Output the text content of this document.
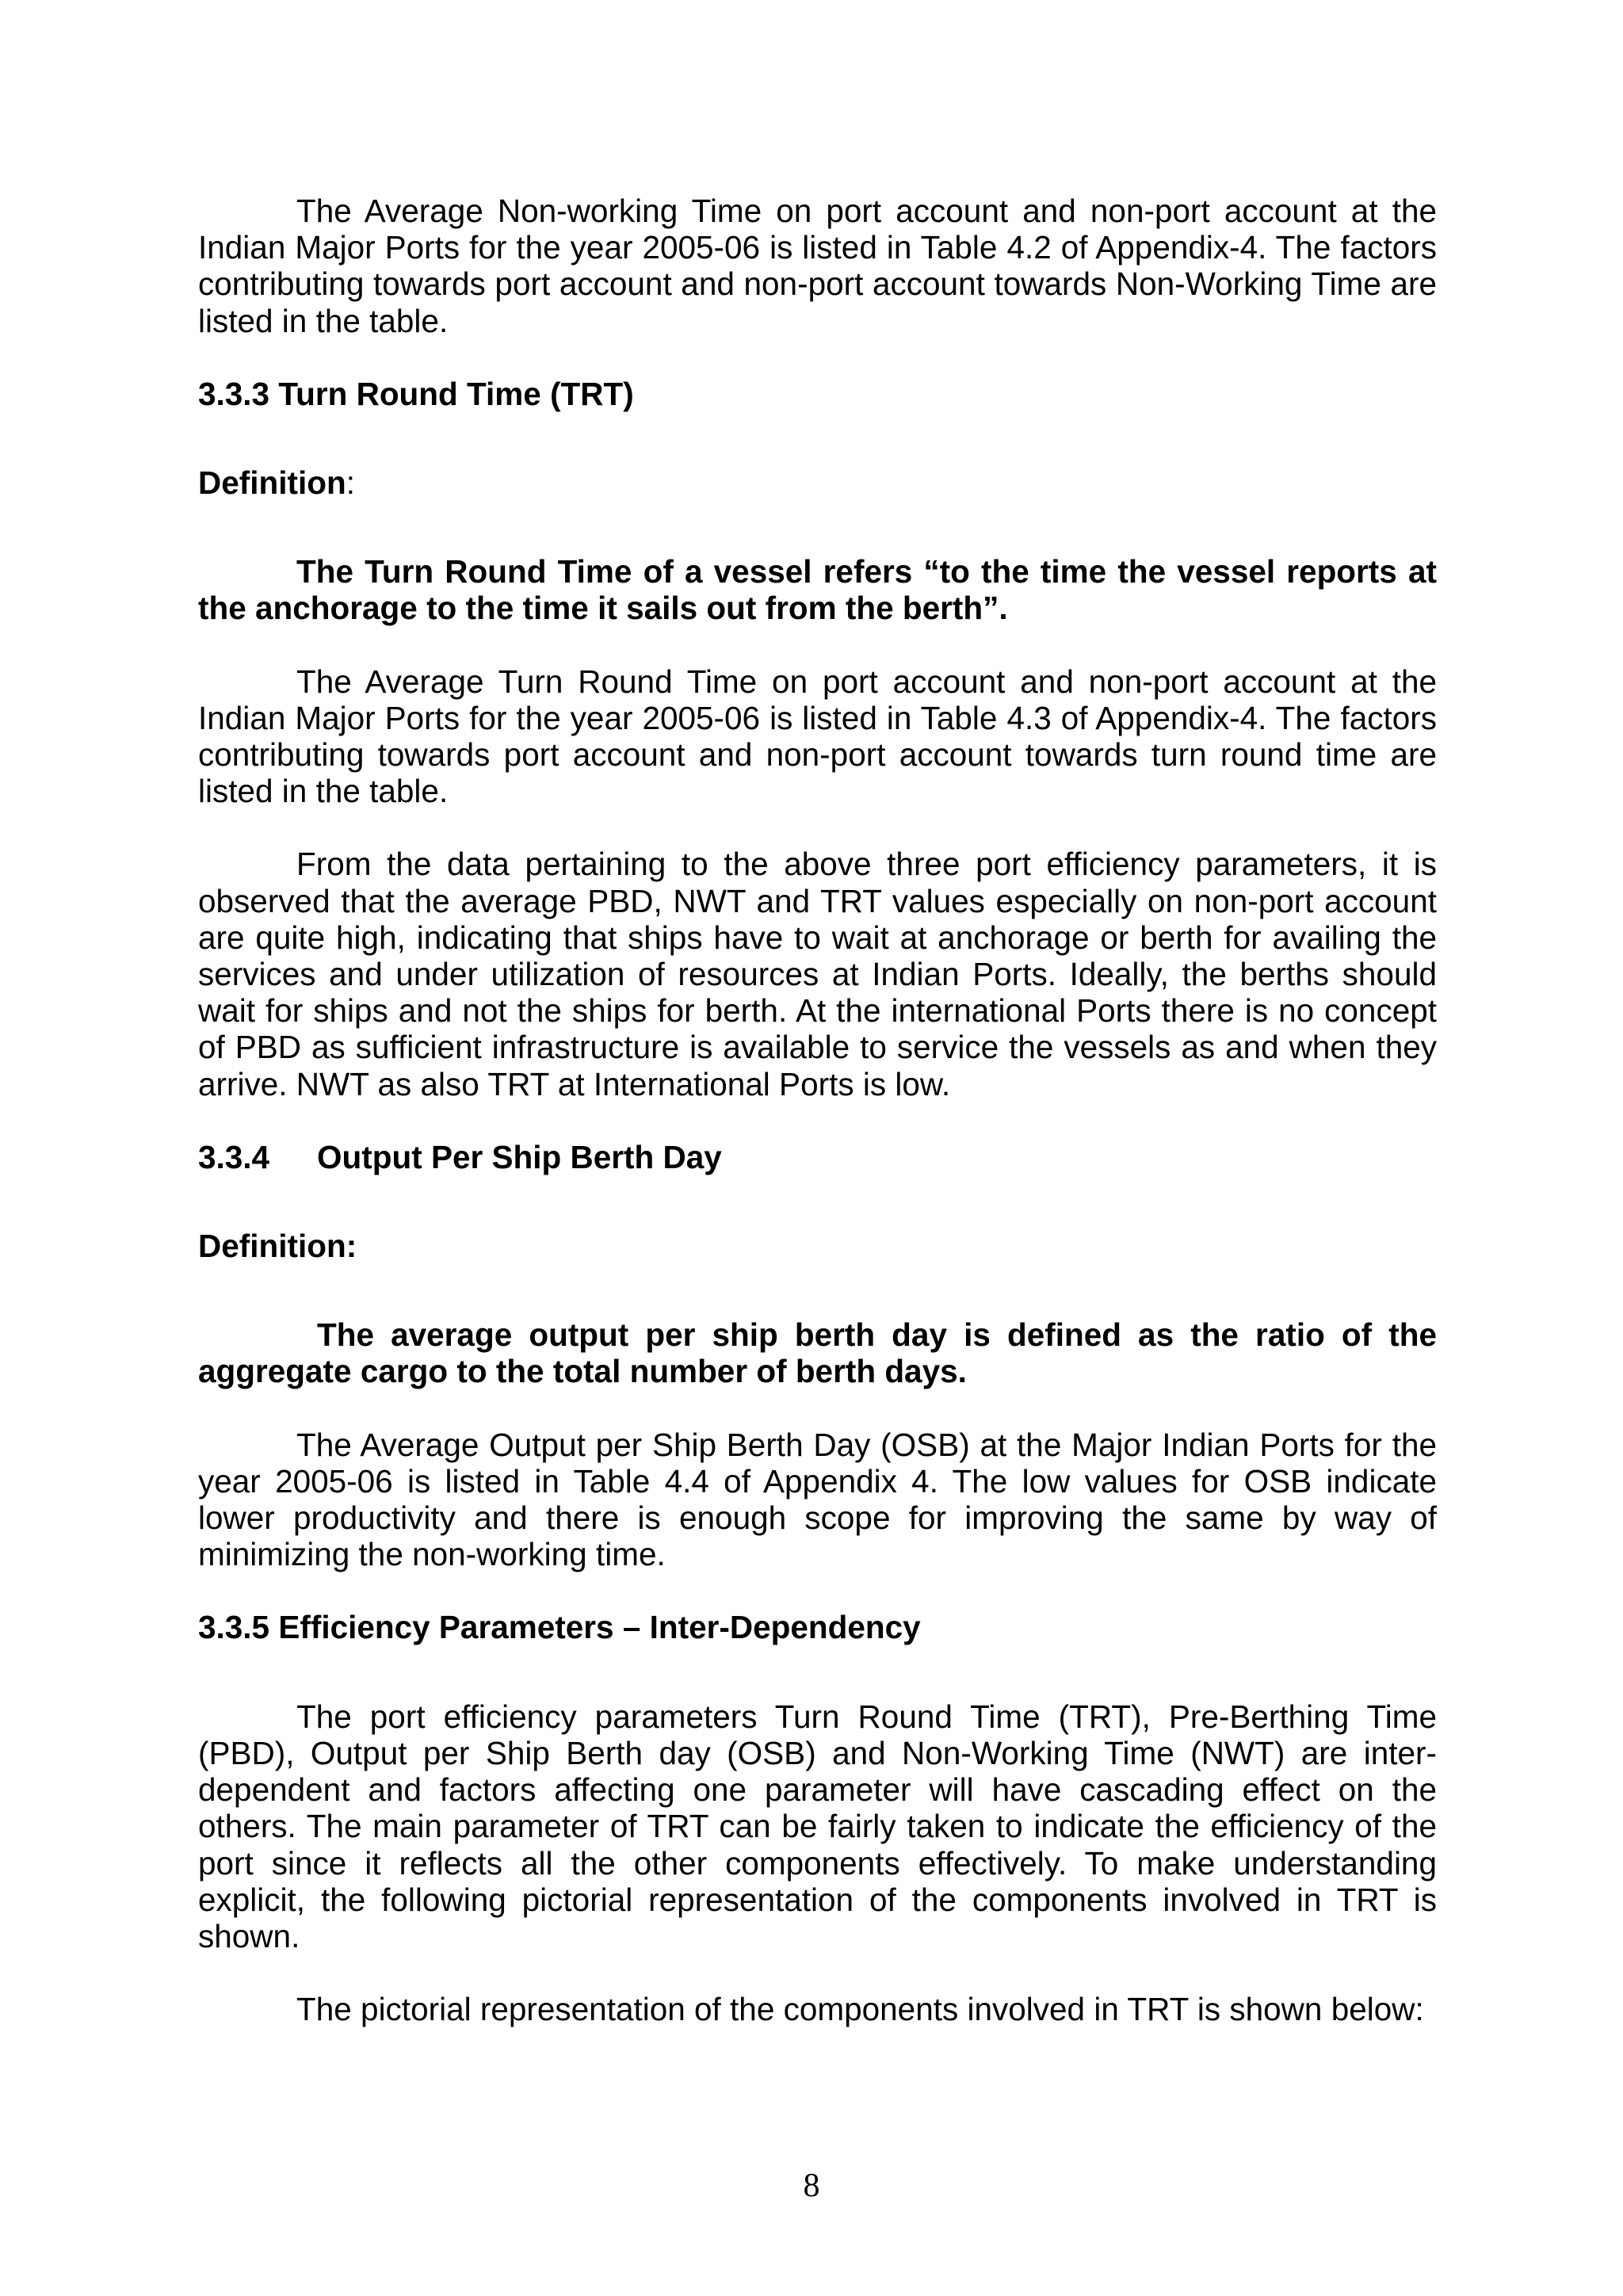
The Average Non-working Time on port account and non-port account at the Indian Major Ports for the year 2005-06 is listed in Table 4.2 of Appendix-4. The factors contributing towards port account and non-port account towards Non-Working Time are listed in the table.

3.3.3 Turn Round Time (TRT)

Definition:

The Turn Round Time of a vessel refers “to the time the vessel reports at the anchorage to the time it sails out from the berth”.

The Average Turn Round Time on port account and non-port account at the Indian Major Ports for the year 2005-06 is listed in Table 4.3 of Appendix-4. The factors contributing towards port account and non-port account towards turn round time are listed in the table.

From the data pertaining to the above three port efficiency parameters, it is observed that the average PBD, NWT and TRT values especially on non-port account are quite high, indicating that ships have to wait at anchorage or berth for availing the services and under utilization of resources at Indian Ports. Ideally, the berths should wait for ships and not the ships for berth. At the international Ports there is no concept of PBD as sufficient infrastructure is available to service the vessels as and when they arrive. NWT as also TRT at International Ports is low.

3.3.4 Output Per Ship Berth Day

Definition:

The average output per ship berth day is defined as the ratio of the aggregate cargo to the total number of berth days.

The Average Output per Ship Berth Day (OSB) at the Major Indian Ports for the year 2005-06 is listed in Table 4.4 of Appendix 4. The low values for OSB indicate lower productivity and there is enough scope for improving the same by way of minimizing the non-working time.

3.3.5 Efficiency Parameters – Inter-Dependency

The port efficiency parameters Turn Round Time (TRT), Pre-Berthing Time (PBD), Output per Ship Berth day (OSB) and Non-Working Time (NWT) are inter-dependent and factors affecting one parameter will have cascading effect on the others. The main parameter of TRT can be fairly taken to indicate the efficiency of the port since it reflects all the other components effectively. To make understanding explicit, the following pictorial representation of the components involved in TRT is shown.

The pictorial representation of the components involved in TRT is shown below:

8
